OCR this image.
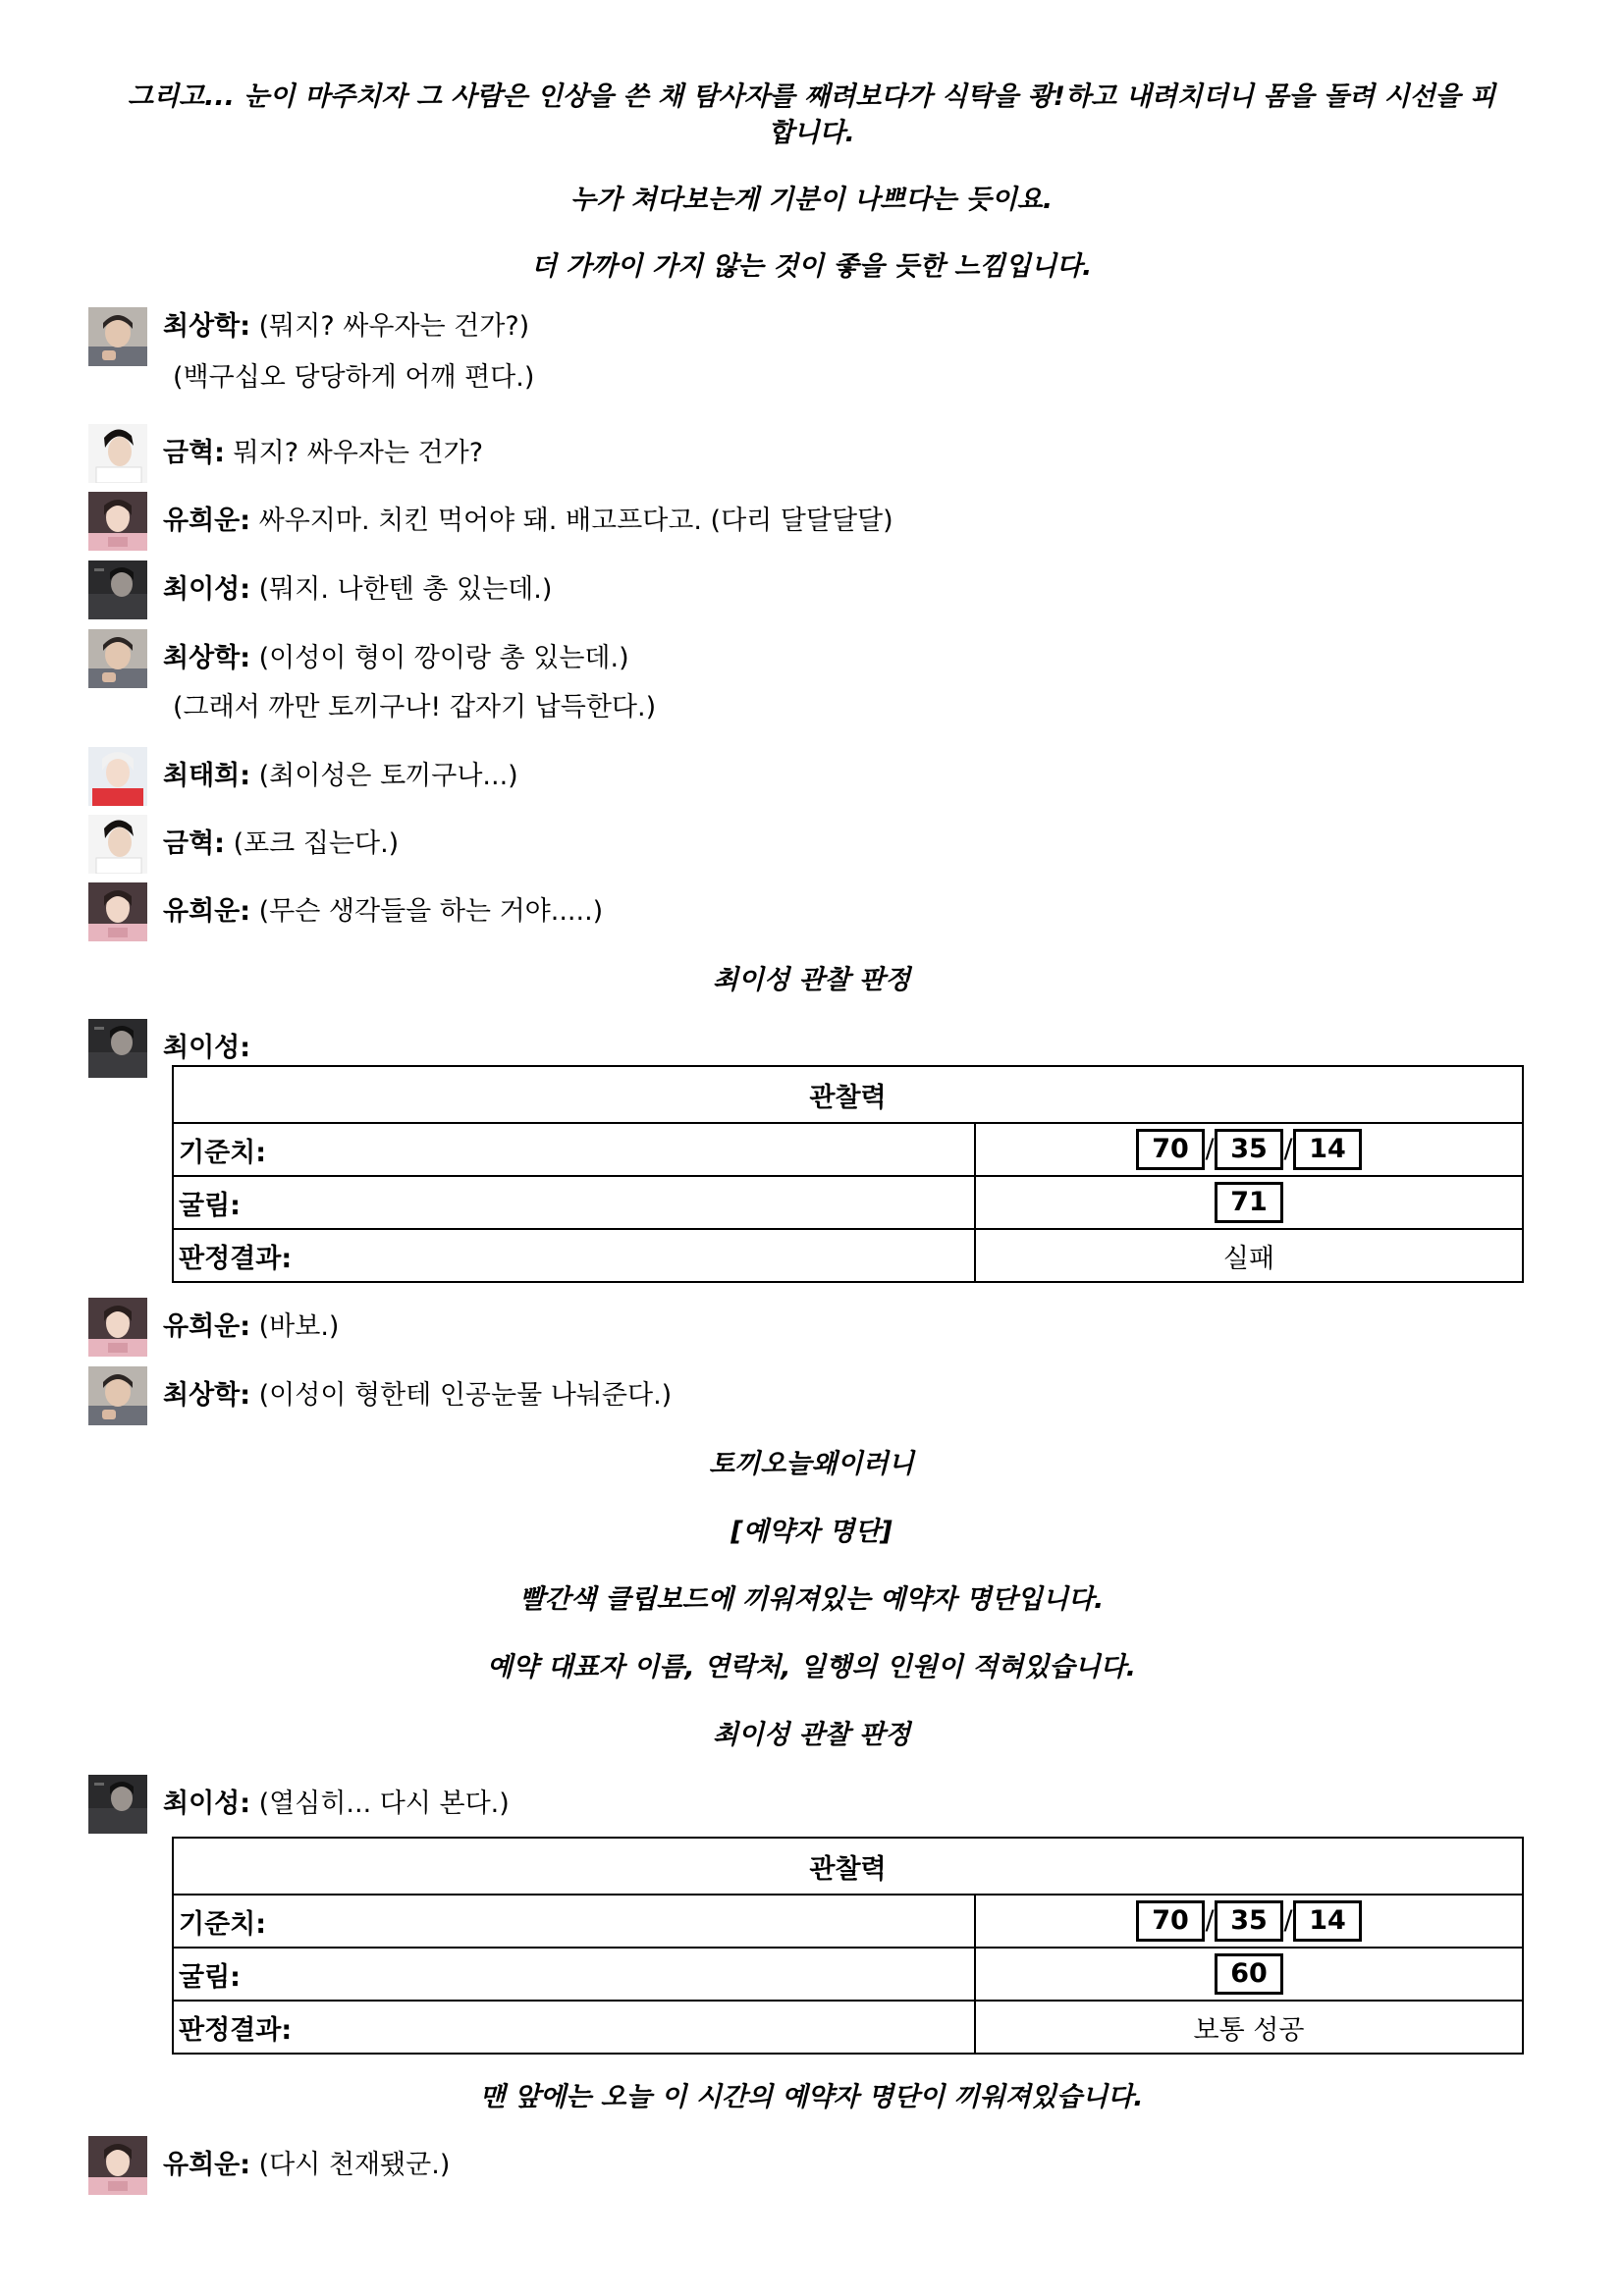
그리고... 눈이 마주치자 그 사람은 인상을 쓴 채 탐사자를 째려보다가 식탁을 쾅!하고 내려치더니 몸을 돌려 시선을 피합니다.

누가 쳐다보는게 기분이 나쁘다는 듯이요.

더 가까이 가지 않는 것이 좋을 듯한 느낌입니다.

최상학: (뭐지? 싸우자는 건가?)
(백구십오 당당하게 어깨 편다.)
금혁: 뭐지? 싸우자는 건가?
유희운: 싸우지마. 치킨 먹어야 돼. 배고프다고. (다리 달달달달)
최이성: (뭐지. 나한텐 총 있는데.)
최상학: (이성이 형이 깡이랑 총 있는데.)
(그래서 까만 토끼구나! 갑자기 납득한다.)
최태희: (최이성은 토끼구나...)
금혁: (포크 집는다.)
유희운: (무슨 생각들을 하는 거야.....)

최이성 관찰 판정

최이성:
관찰력	
기준치:	70 / 35 / 14
굴림:	71
판정결과:	실패
유희운: (바보.)
최상학: (이성이 형한테 인공눈물 나눠준다.)

토끼오늘왜이러니

[예약자 명단]

빨간색 클립보드에 끼워져있는 예약자 명단입니다.

예약 대표자 이름, 연락처, 일행의 인원이 적혀있습니다.

최이성 관찰 판정

최이성: (열심히... 다시 본다.)
관찰력	
기준치:	70 / 35 / 14
굴림:	60
판정결과:	보통 성공

맨 앞에는 오늘 이 시간의 예약자 명단이 끼워져있습니다.

유희운: (다시 천재됐군.)
